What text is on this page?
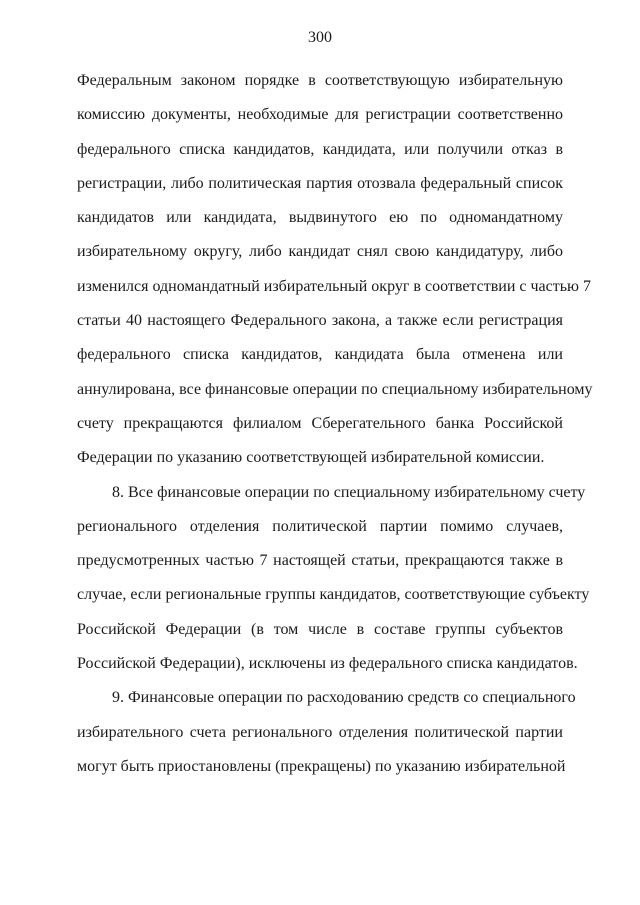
300
Федеральным законом порядке в соответствующую избирательную
комиссию документы, необходимые для регистрации соответственно
федерального списка кандидатов, кандидата, или получили отказ в
регистрации, либо политическая партия отозвала федеральный список
кандидатов или кандидата, выдвинутого ею по одномандатному
избирательному округу, либо кандидат снял свою кандидатуру, либо
изменился одномандатный избирательный округ в соответствии с частью 7
статьи 40 настоящего Федерального закона, а также если регистрация
федерального списка кандидатов, кандидата была отменена или
аннулирована, все финансовые операции по специальному избирательному
счету прекращаются филиалом Сберегательного банка Российской
Федерации по указанию соответствующей избирательной комиссии.
8. Все финансовые операции по специальному избирательному счету
регионального отделения политической партии помимо случаев,
предусмотренных частью 7 настоящей статьи, прекращаются также в
случае, если региональные группы кандидатов, соответствующие субъекту
Российской Федерации (в том числе в составе группы субъектов
Российской Федерации), исключены из федерального списка кандидатов.
9. Финансовые операции по расходованию средств со специального
избирательного счета регионального отделения политической партии
могут быть приостановлены (прекращены) по указанию избирательной
